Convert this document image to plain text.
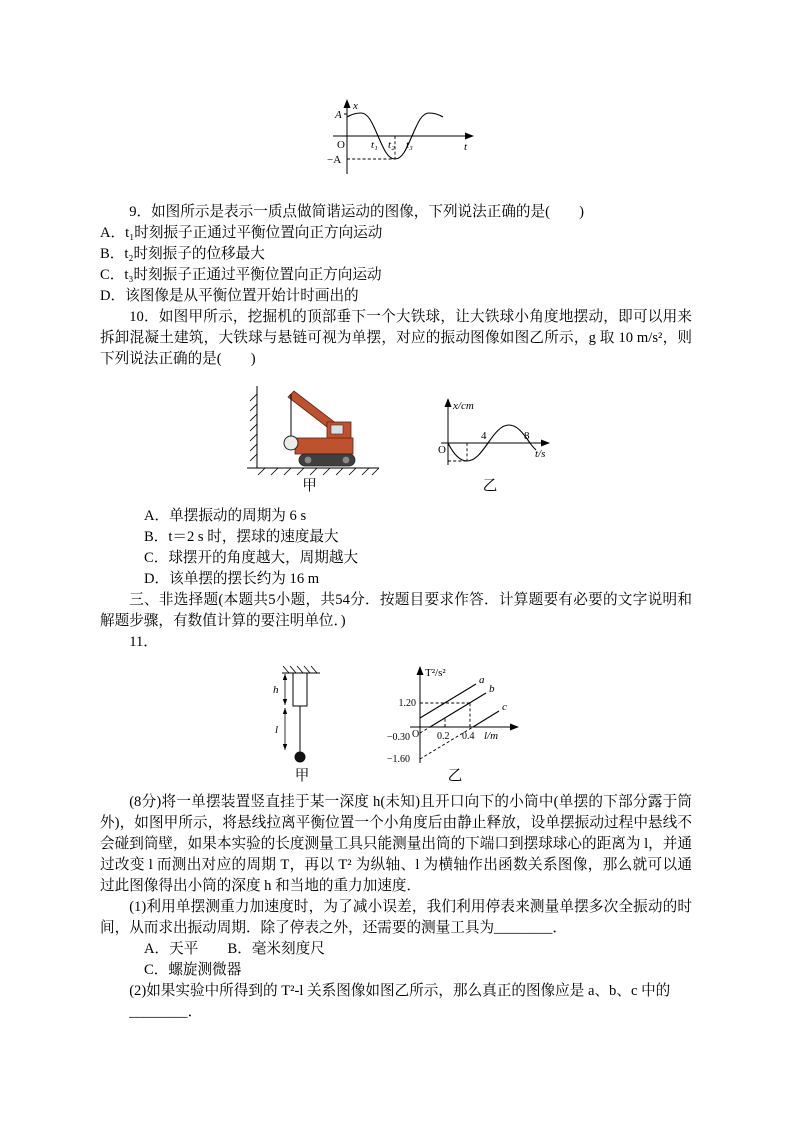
x
t
O
A
−A
t₁ t₂ t₃

9．如图所示是表示一质点做简谐运动的图像，下列说法正确的是(　　)

A．t₁时刻振子正通过平衡位置向正方向运动

B．t₂时刻振子的位移最大

C．t₃时刻振子正通过平衡位置向正方向运动

D．该图像是从平衡位置开始计时画出的

10．如图甲所示，挖掘机的顶部垂下一个大铁球，让大铁球小角度地摆动，即可以用来拆卸混凝土建筑，大铁球与悬链可视为单摆，对应的振动图像如图乙所示，g 取 10 m/s²，则下列说法正确的是(　　)

甲
x/cm
t/s
O
4	8
乙

A．单摆振动的周期为 6 s

B．t＝2 s 时，摆球的速度最大

C．球摆开的角度越大，周期越大

D．该单摆的摆长约为 16 m

三、非选择题(本题共5小题，共54分．按题目要求作答．计算题要有必要的文字说明和解题步骤，有数值计算的要注明单位．)

11．

h
l
甲
T²/s²
l/m
O
1.20
−0.30
−1.60
0.2 0.4
a
b
c
乙

(8分)将一单摆装置竖直挂于某一深度 h(未知)且开口向下的小筒中(单摆的下部分露于筒外)，如图甲所示，将悬线拉离平衡位置一个小角度后由静止释放，设单摆振动过程中悬线不会碰到筒壁，如果本实验的长度测量工具只能测量出筒的下端口到摆球球心的距离为 l，并通过改变 l 而测出对应的周期 T，再以 T² 为纵轴、l 为横轴作出函数关系图像，那么就可以通过此图像得出小筒的深度 h 和当地的重力加速度．

(1)利用单摆测重力加速度时，为了减小误差，我们利用停表来测量单摆多次全振动的时间，从而求出振动周期．除了停表之外，还需要的测量工具为________．

A．天平　　B．毫米刻度尺

C．螺旋测微器

(2)如果实验中所得到的 T²-l 关系图像如图乙所示，那么真正的图像应是 a、b、c 中的

________．
